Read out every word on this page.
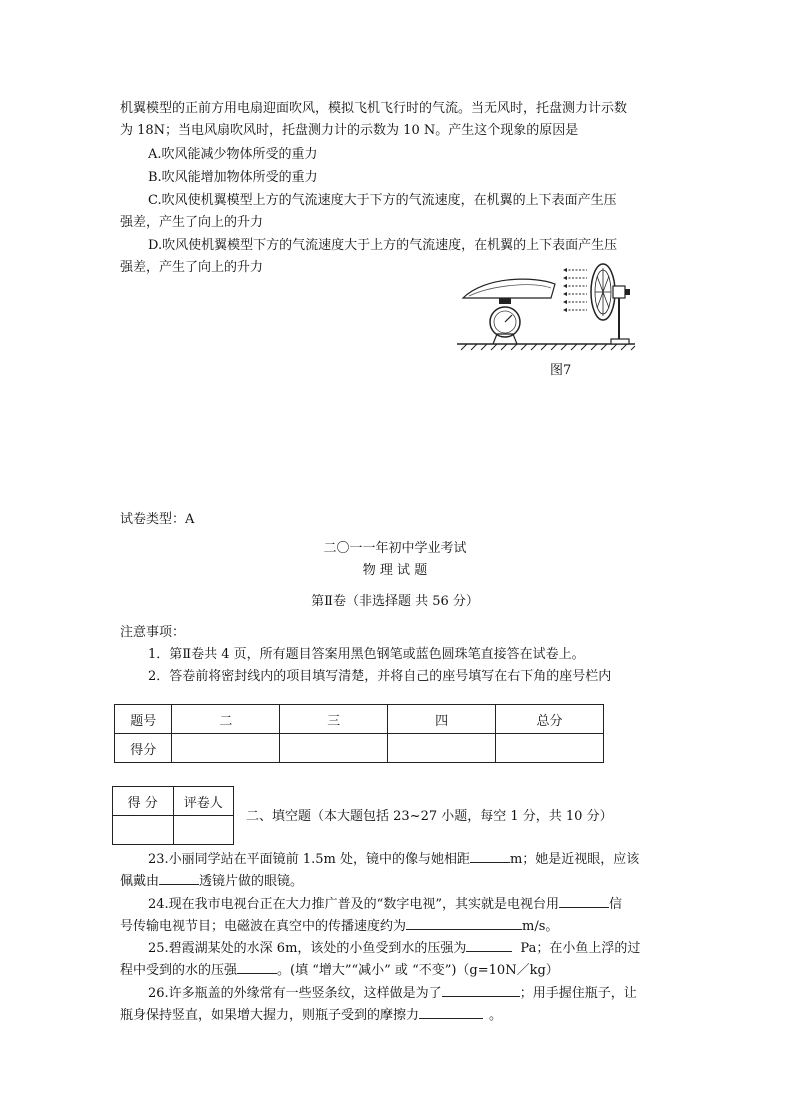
机翼模型的正前方用电扇迎面吹风，模拟飞机飞行时的气流。当无风时，托盘测力计示数
为 18N；当电风扇吹风时，托盘测力计的示数为 10 N。产生这个现象的原因是
A.吹风能减少物体所受的重力
B.吹风能增加物体所受的重力
C.吹风使机翼模型上方的气流速度大于下方的气流速度，在机翼的上下表面产生压
强差，产生了向上的升力
D.吹风使机翼模型下方的气流速度大于上方的气流速度，在机翼的上下表面产生压
强差，产生了向上的升力
图7
试卷类型：A
二〇一一年初中学业考试
物 理 试 题
第Ⅱ卷（非选择题 共 56 分）
注意事项：
1．第Ⅱ卷共 4 页，所有题目答案用黑色钢笔或蓝色圆珠笔直接答在试卷上。
2．答卷前将密封线内的项目填写清楚，并将自己的座号填写在右下角的座号栏内
题号	二	三	四	总分
得分				
得 分	评卷人

二、填空题（本大题包括 23~27 小题，每空 1 分，共 10 分）
23.小丽同学站在平面镜前 1.5m 处，镜中的像与她相距	m；她是近视眼，应该
佩戴由	透镜片做的眼镜。
24.现在我市电视台正在大力推广普及的“数字电视”，其实就是电视台用	信
号传输电视节目；电磁波在真空中的传播速度约为	m/s。
25.碧霞湖某处的水深 6m，该处的小鱼受到水的压强为	Pa；在小鱼上浮的过
程中受到的水的压强	。(填 “增大”“减小” 或 “不变”)（g=10N／kg）
26.许多瓶盖的外缘常有一些竖条纹，这样做是为了	；用手握住瓶子，让
瓶身保持竖直，如果增大握力，则瓶子受到的摩擦力	。
